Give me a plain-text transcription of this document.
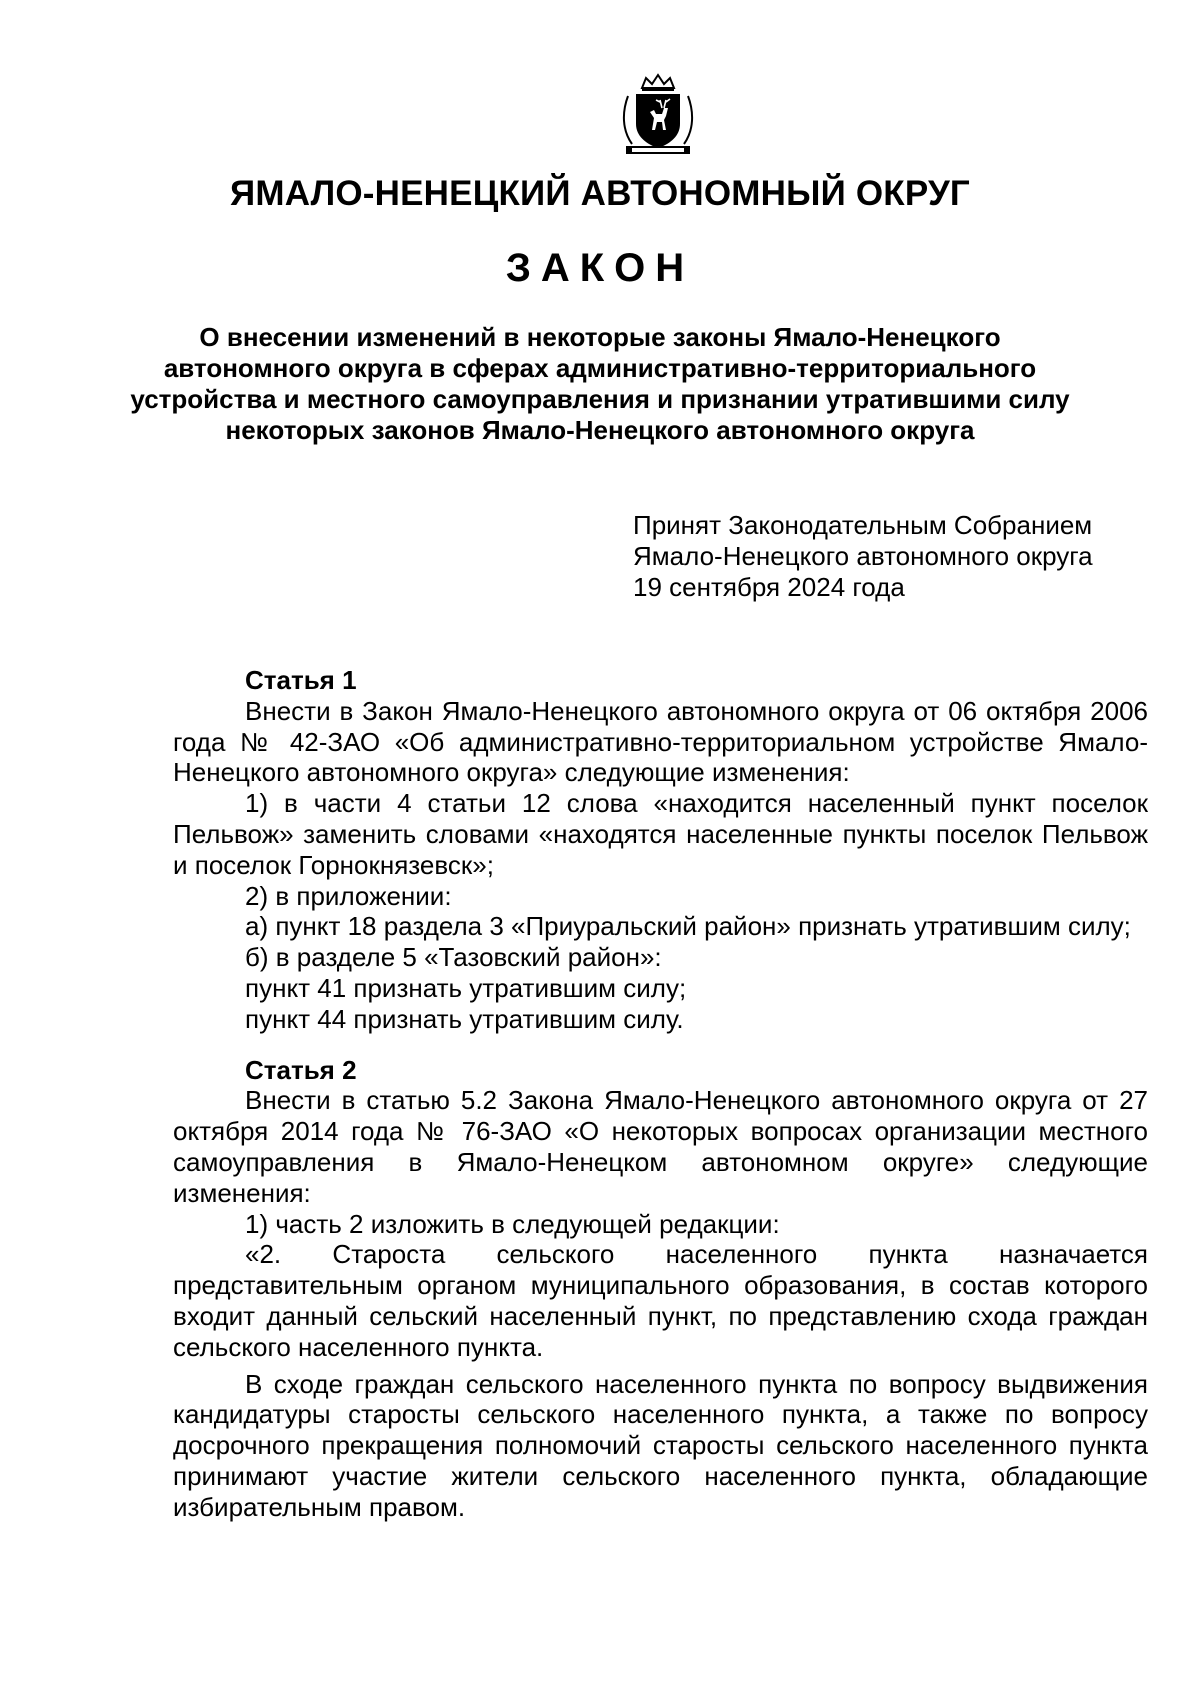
ЯМАЛО-НЕНЕЦКИЙ АВТОНОМНЫЙ ОКРУГ
ЗАКОН
О внесении изменений в некоторые законы Ямало-Ненецкого автономного округа в сферах административно-территориального устройства и местного самоуправления и признании утратившими силу некоторых законов Ямало-Ненецкого автономного округа
Принят Законодательным Собранием
Ямало-Ненецкого автономного округа
19 сентября 2024 года

Статья 1

Внести в Закон Ямало-Ненецкого автономного округа от 06 октября 2006 года № 42-ЗАО «Об административно-территориальном устройстве Ямало-Ненецкого автономного округа» следующие изменения:

1) в части 4 статьи 12 слова «находится населенный пункт поселок Пельвож» заменить словами «находятся населенные пункты поселок Пельвож и поселок Горнокнязевск»;

2) в приложении:

а) пункт 18 раздела 3 «Приуральский район» признать утратившим силу;

б) в разделе 5 «Тазовский район»:

пункт 41 признать утратившим силу;

пункт 44 признать утратившим силу.

Статья 2

Внести в статью 5.2 Закона Ямало-Ненецкого автономного округа от 27 октября 2014 года № 76-ЗАО «О некоторых вопросах организации местного самоуправления в Ямало-Ненецком автономном округе» следующие изменения:

1) часть 2 изложить в следующей редакции:

«2. Староста сельского населенного пункта назначается представительным органом муниципального образования, в состав которого входит данный сельский населенный пункт, по представлению схода граждан сельского населенного пункта.

В сходе граждан сельского населенного пункта по вопросу выдвижения кандидатуры старосты сельского населенного пункта, а также по вопросу досрочного прекращения полномочий старосты сельского населенного пункта принимают участие жители сельского населенного пункта, обладающие избирательным правом.
